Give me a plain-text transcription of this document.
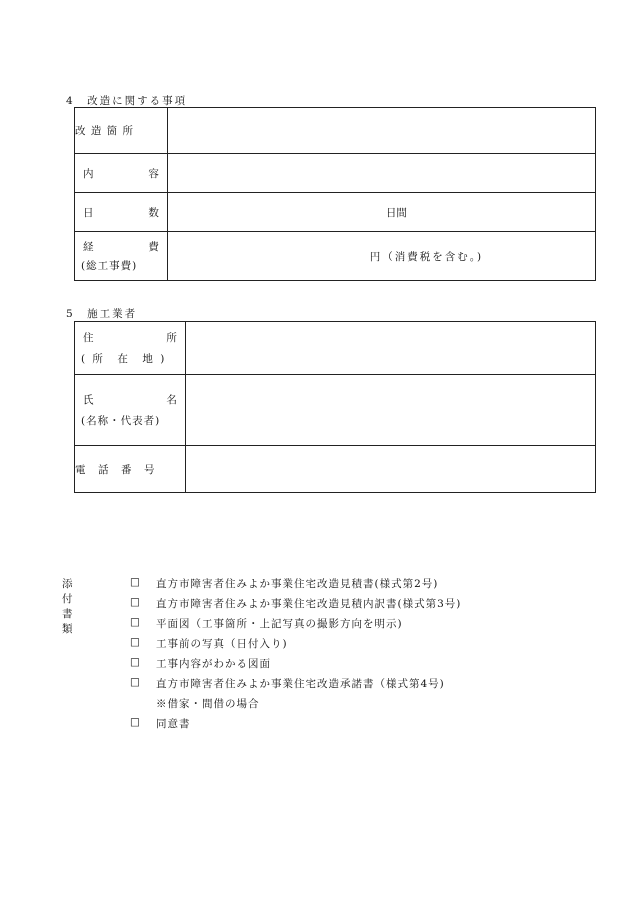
4　改造に関する事項
改 造 箇 所	

内 容	

日 数	日間

経 費
(総工事費)	円（消費税を含む。)
5　施工業者
住 所
( 所　在　地 )	

氏 名
(名称・代表者)	

電　話　番　号	
添付書類
□ 直方市障害者住みよか事業住宅改造見積書(様式第2号)
□ 直方市障害者住みよか事業住宅改造見積内訳書(様式第3号)
□ 平面図（工事箇所・上記写真の撮影方向を明示)
□ 工事前の写真（日付入り)
□ 工事内容がわかる図面
□ 直方市障害者住みよか事業住宅改造承諾書（様式第4号)
※借家・間借の場合
□ 同意書
